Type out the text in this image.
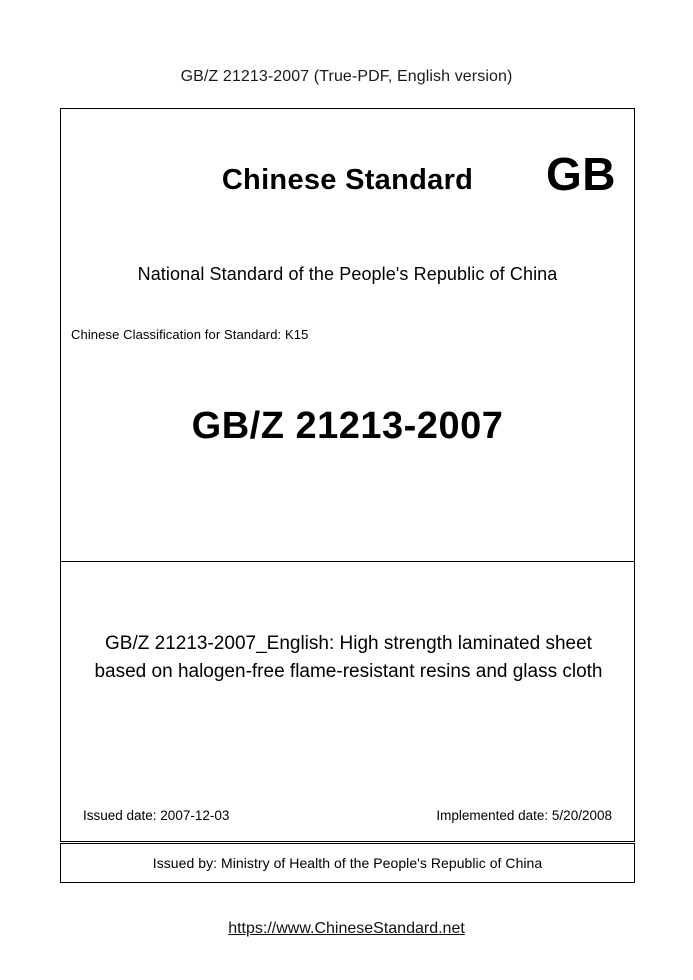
GB/Z 21213-2007 (True-PDF, English version)
Chinese Standard	GB
National Standard of the People's Republic of China
Chinese Classification for Standard: K15
GB/Z 21213-2007
GB/Z 21213-2007_English: High strength laminated sheet based on halogen-free flame-resistant resins and glass cloth
Issued date: 2007-12-03	Implemented date: 5/20/2008
Issued by: Ministry of Health of the People's Republic of China
https://www.ChineseStandard.net
